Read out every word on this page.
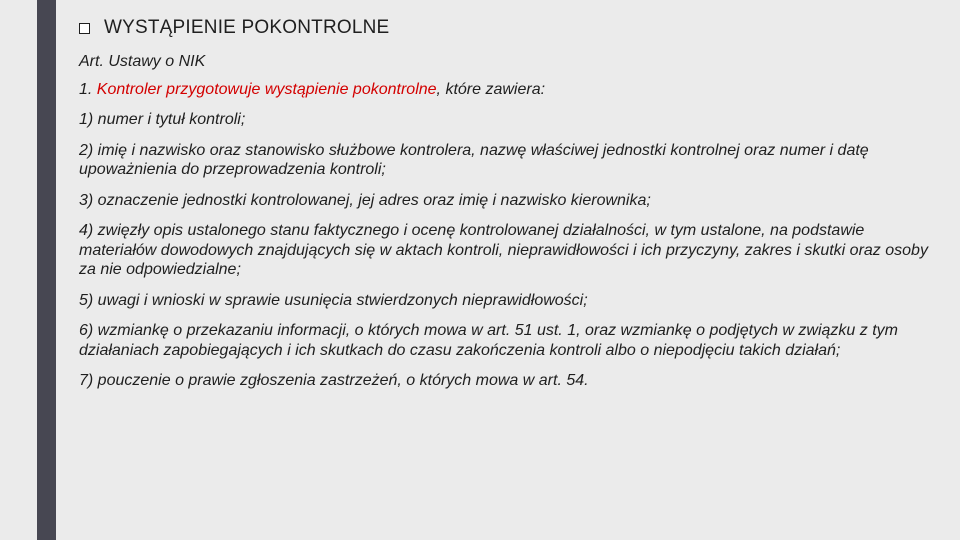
WYSTĄPIENIE POKONTROLNE

Art. Ustawy o NIK

1. Kontroler przygotowuje wystąpienie pokontrolne, które zawiera:

1) numer i tytuł kontroli;

2) imię i nazwisko oraz stanowisko służbowe kontrolera, nazwę właściwej jednostki kontrolnej oraz numer i datę upoważnienia do przeprowadzenia kontroli;

3) oznaczenie jednostki kontrolowanej, jej adres oraz imię i nazwisko kierownika;

4) zwięzły opis ustalonego stanu faktycznego i ocenę kontrolowanej działalności, w tym ustalone, na podstawie materiałów dowodowych znajdujących się w aktach kontroli, nieprawidłowości i ich przyczyny, zakres i skutki oraz osoby za nie odpowiedzialne;

5) uwagi i wnioski w sprawie usunięcia stwierdzonych nieprawidłowości;

6) wzmiankę o przekazaniu informacji, o których mowa w art. 51 ust. 1, oraz wzmiankę o podjętych w związku z tym działaniach zapobiegających i ich skutkach do czasu zakończenia kontroli albo o niepodjęciu takich działań;

7) pouczenie o prawie zgłoszenia zastrzeżeń, o których mowa w art. 54.
